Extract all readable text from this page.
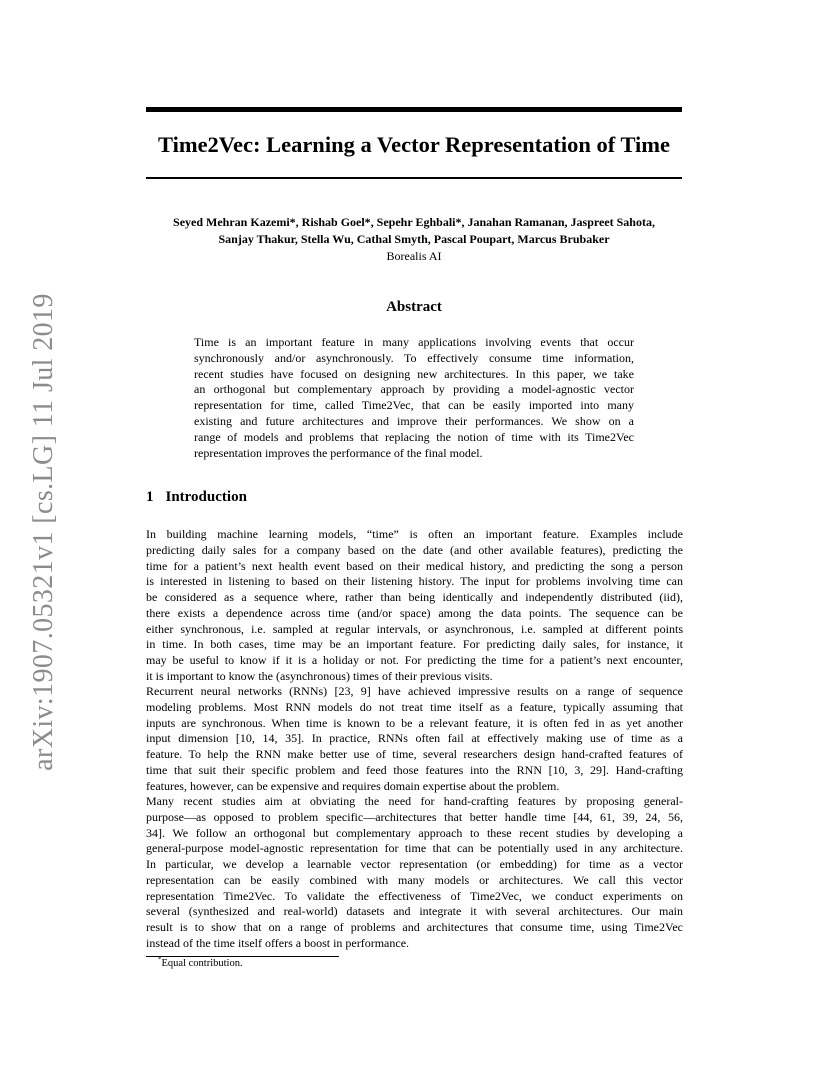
arXiv:1907.05321v1 [cs.LG] 11 Jul 2019
Time2Vec: Learning a Vector Representation of Time
Seyed Mehran Kazemi*, Rishab Goel*, Sepehr Eghbali*, Janahan Ramanan, Jaspreet Sahota,
Sanjay Thakur, Stella Wu, Cathal Smyth, Pascal Poupart, Marcus Brubaker
Borealis AI
Abstract
Time is an important feature in many applications involving events that occur
synchronously and/or asynchronously. To effectively consume time information,
recent studies have focused on designing new architectures. In this paper, we take
an orthogonal but complementary approach by providing a model-agnostic vector
representation for time, called Time2Vec, that can be easily imported into many
existing and future architectures and improve their performances. We show on a
range of models and problems that replacing the notion of time with its Time2Vec
representation improves the performance of the final model.
1 Introduction
In building machine learning models, “time” is often an important feature. Examples include
predicting daily sales for a company based on the date (and other available features), predicting the
time for a patient’s next health event based on their medical history, and predicting the song a person
is interested in listening to based on their listening history. The input for problems involving time can
be considered as a sequence where, rather than being identically and independently distributed (iid),
there exists a dependence across time (and/or space) among the data points. The sequence can be
either synchronous, i.e. sampled at regular intervals, or asynchronous, i.e. sampled at different points
in time. In both cases, time may be an important feature. For predicting daily sales, for instance, it
may be useful to know if it is a holiday or not. For predicting the time for a patient’s next encounter,
it is important to know the (asynchronous) times of their previous visits.
Recurrent neural networks (RNNs) [23, 9] have achieved impressive results on a range of sequence
modeling problems. Most RNN models do not treat time itself as a feature, typically assuming that
inputs are synchronous. When time is known to be a relevant feature, it is often fed in as yet another
input dimension [10, 14, 35]. In practice, RNNs often fail at effectively making use of time as a
feature. To help the RNN make better use of time, several researchers design hand-crafted features of
time that suit their specific problem and feed those features into the RNN [10, 3, 29]. Hand-crafting
features, however, can be expensive and requires domain expertise about the problem.
Many recent studies aim at obviating the need for hand-crafting features by proposing general-
purpose—as opposed to problem specific—architectures that better handle time [44, 61, 39, 24, 56,
34]. We follow an orthogonal but complementary approach to these recent studies by developing a
general-purpose model-agnostic representation for time that can be potentially used in any architecture.
In particular, we develop a learnable vector representation (or embedding) for time as a vector
representation can be easily combined with many models or architectures. We call this vector
representation Time2Vec. To validate the effectiveness of Time2Vec, we conduct experiments on
several (synthesized and real-world) datasets and integrate it with several architectures. Our main
result is to show that on a range of problems and architectures that consume time, using Time2Vec
instead of the time itself offers a boost in performance.
*Equal contribution.
